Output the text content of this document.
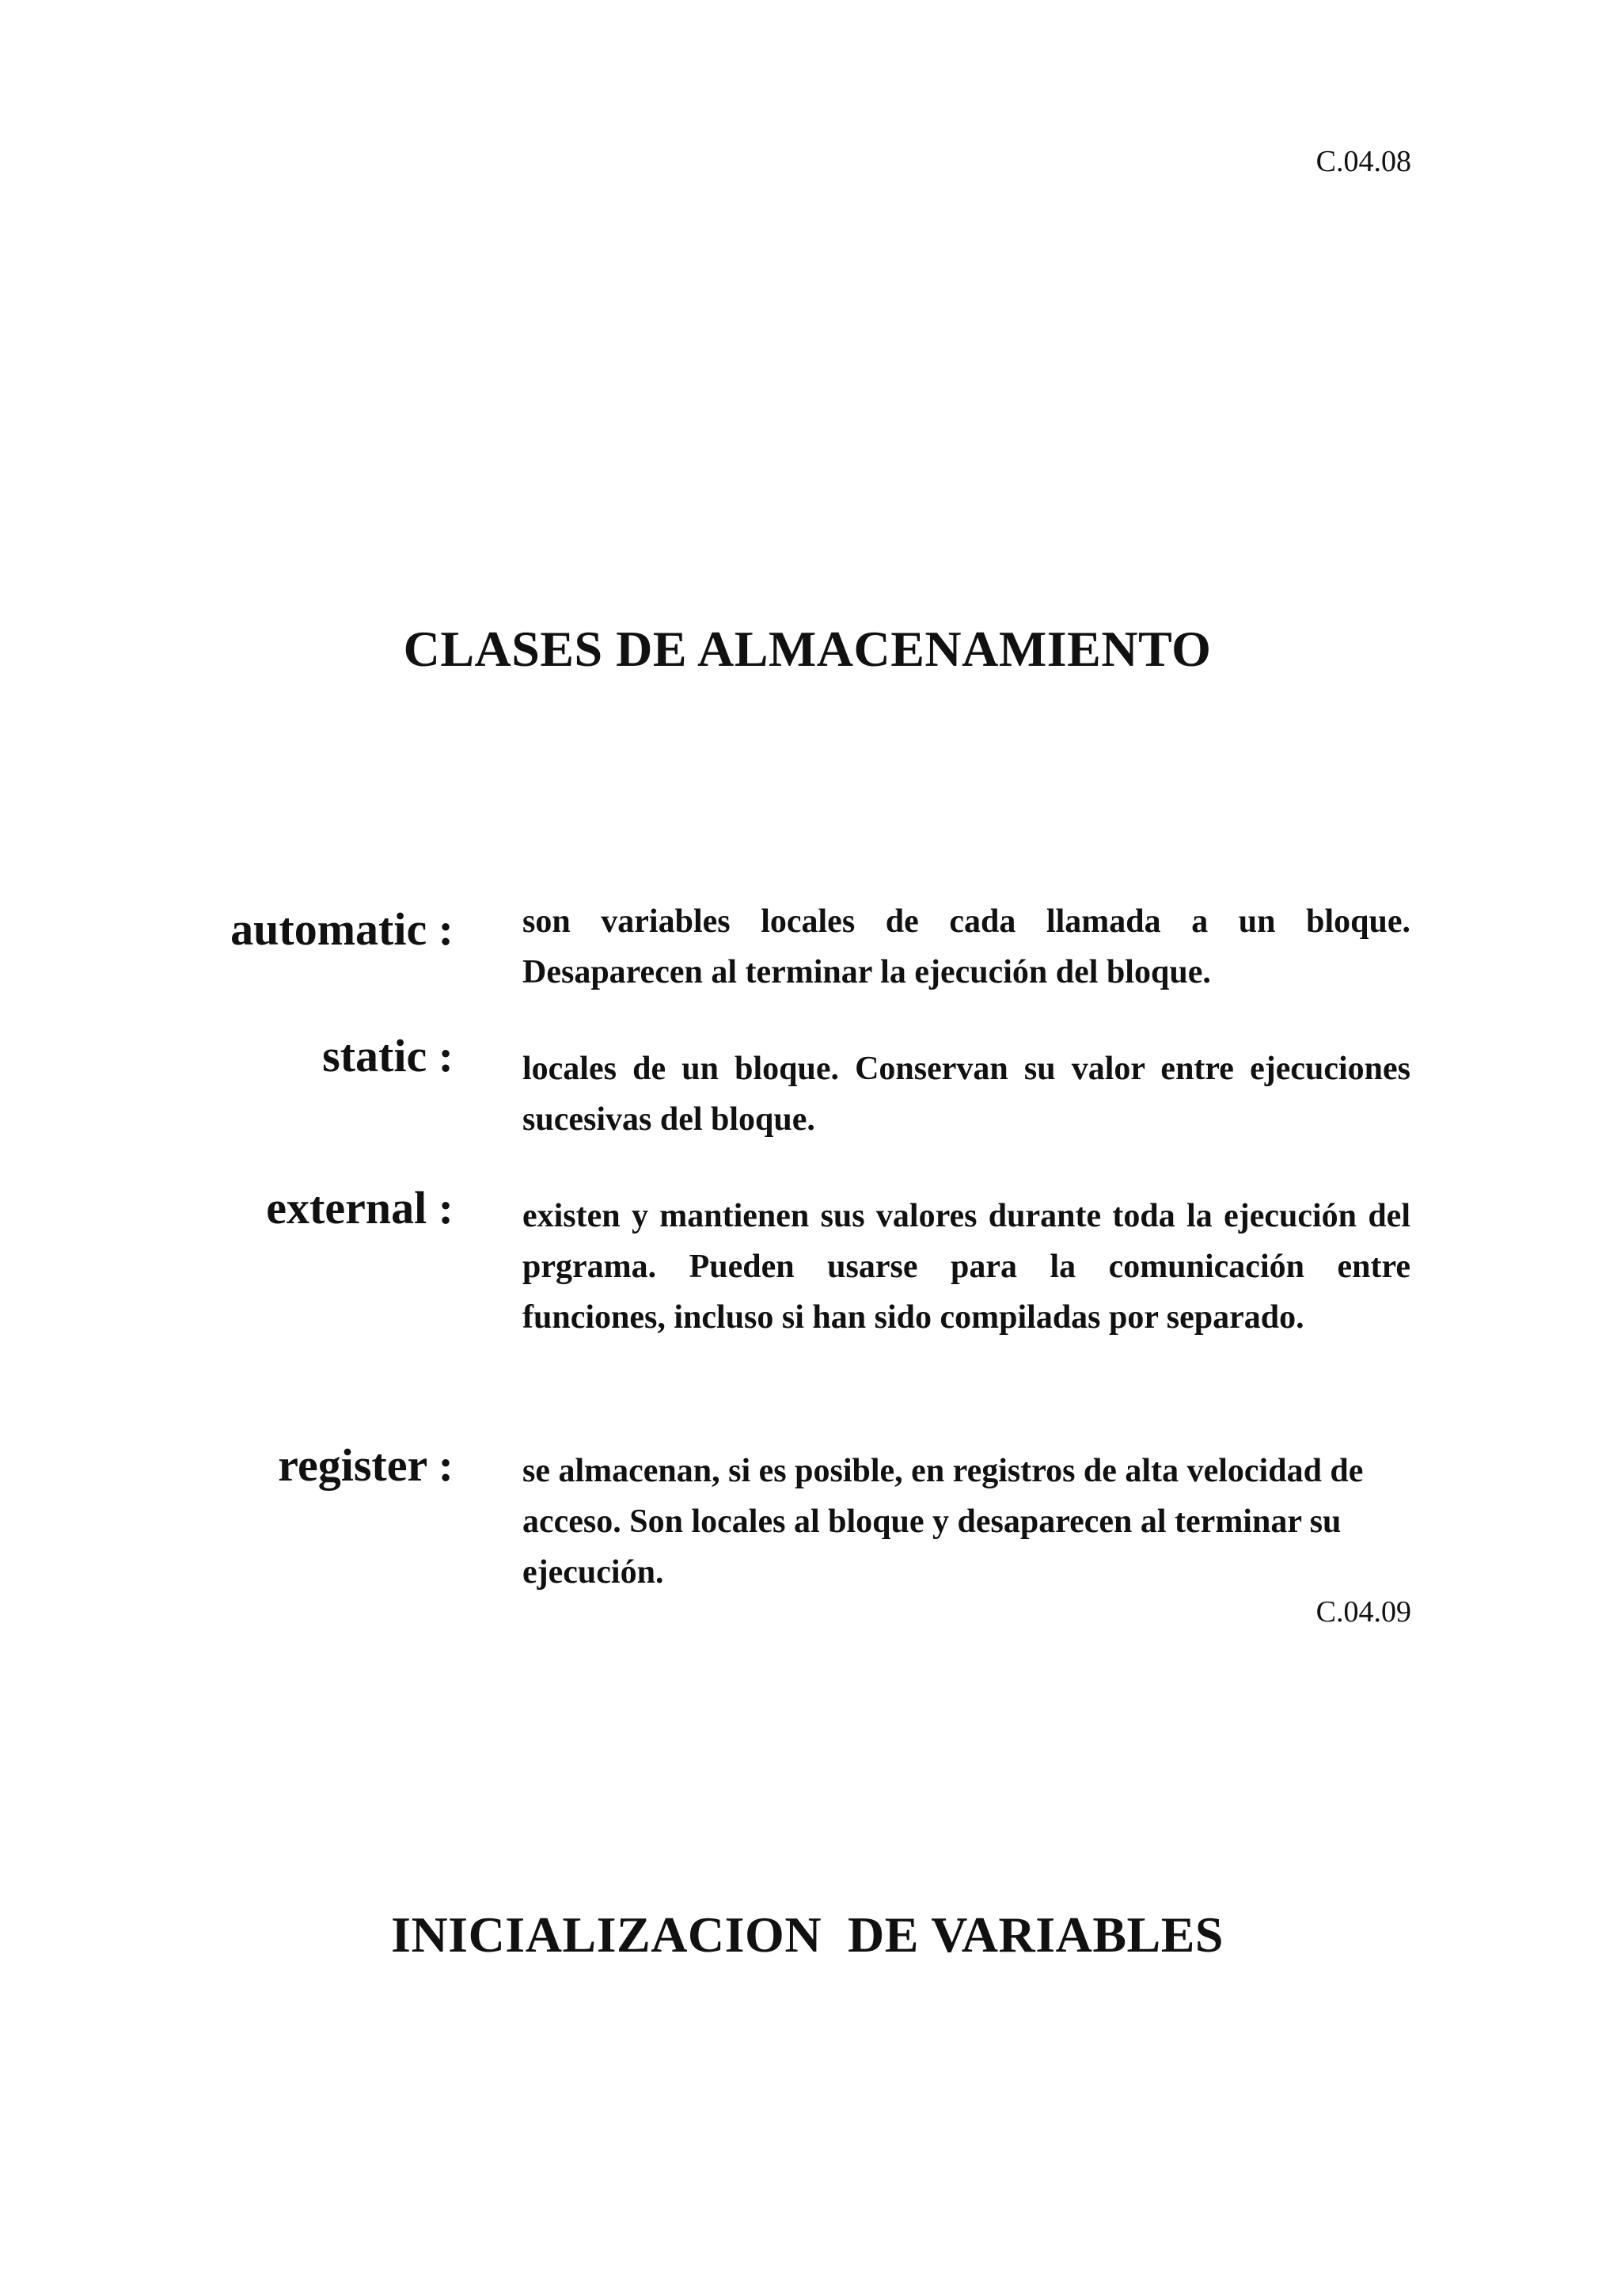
C.04.08
CLASES DE ALMACENAMIENTO
automatic : son variables locales de cada llamada a un bloque. Desaparecen al terminar la ejecución del bloque.

static : locales de un bloque. Conservan su valor entre ejecuciones sucesivas del bloque.

external : existen y mantienen sus valores durante toda la ejecución del prgrama. Pueden usarse para la comunicación entre funciones, incluso si han sido compiladas por separado.

register : se almacenan, si es posible, en registros de alta velocidad de acceso. Son locales al bloque y desaparecen al terminar su ejecución.

C.04.09
INICIALIZACION  DE VARIABLES
